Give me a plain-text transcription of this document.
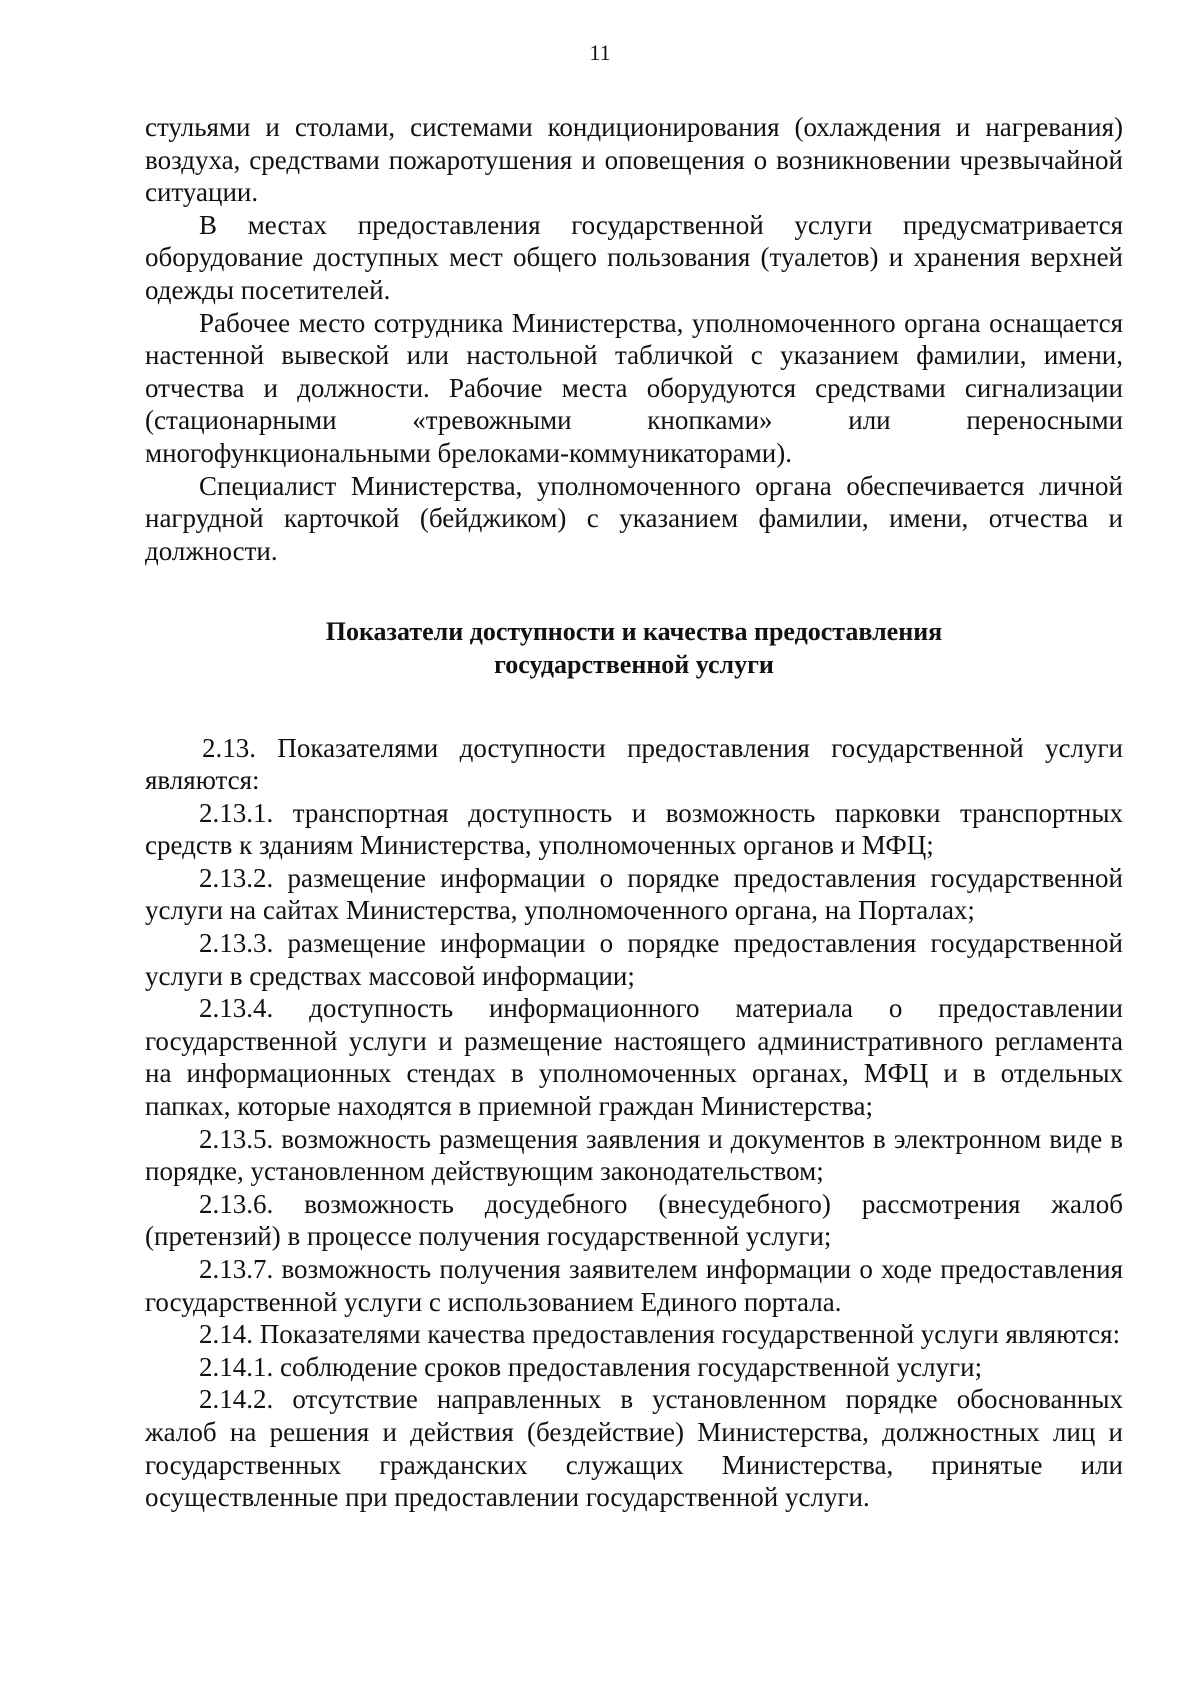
11

стульями и столами, системами кондиционирования (охлаждения и нагревания) воздуха, средствами пожаротушения и оповещения о возникновении чрезвычайной ситуации.

В местах предоставления государственной услуги предусматривается оборудование доступных мест общего пользования (туалетов) и хранения верхней одежды посетителей.

Рабочее место сотрудника Министерства, уполномоченного органа оснащается настенной вывеской или настольной табличкой с указанием фамилии, имени, отчества и должности. Рабочие места оборудуются средствами сигнализации (стационарными «тревожными кнопками» или переносными многофункциональными брелоками-коммуникаторами).

Специалист Министерства, уполномоченного органа обеспечивается личной нагрудной карточкой (бейджиком) с указанием фамилии, имени, отчества и должности.

Показатели доступности и качества предоставления
государственной услуги

2.13. Показателями доступности предоставления государственной услуги являются:

2.13.1. транспортная доступность и возможность парковки транспортных средств к зданиям Министерства, уполномоченных органов и МФЦ;

2.13.2. размещение информации о порядке предоставления государственной услуги на сайтах Министерства, уполномоченного органа, на Порталах;

2.13.3. размещение информации о порядке предоставления государственной услуги в средствах массовой информации;

2.13.4. доступность информационного материала о предоставлении государственной услуги и размещение настоящего административного регламента на информационных стендах в уполномоченных органах, МФЦ и в отдельных папках, которые находятся в приемной граждан Министерства;

2.13.5. возможность размещения заявления и документов в электронном виде в порядке, установленном действующим законодательством;

2.13.6. возможность досудебного (внесудебного) рассмотрения жалоб (претензий) в процессе получения государственной услуги;

2.13.7. возможность получения заявителем информации о ходе предоставления государственной услуги с использованием Единого портала.

2.14. Показателями качества предоставления государственной услуги являются:

2.14.1. соблюдение сроков предоставления государственной услуги;

2.14.2. отсутствие направленных в установленном порядке обоснованных жалоб на решения и действия (бездействие) Министерства, должностных лиц и государственных гражданских служащих Министерства, принятые или осуществленные при предоставлении государственной услуги.
